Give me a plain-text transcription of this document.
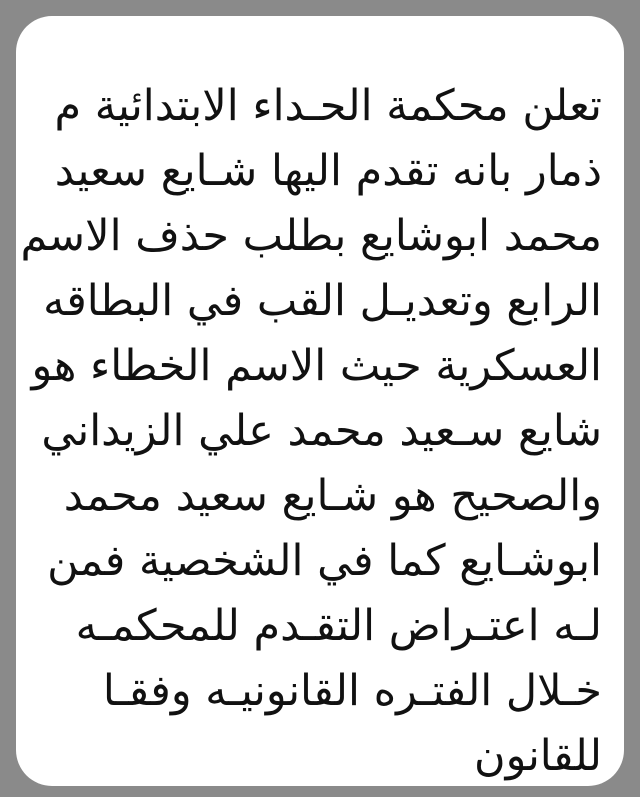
تعلن محكمة الحـداء الابتدائية م
ذمار بانه تقدم اليها شـايع سعيد
محمد ابوشايع بطلب حذف الاسم
الرابع وتعديـل القب في البطاقه
العسكرية حيث الاسم الخطاء هو
شايع سـعيد محمد علي الزيداني
والصحيح هو شـايع سعيد محمد
ابوشـايع كما في الشخصية فمن
لـه اعتـراض التقـدم للمحكمـه
خـلال الفتـره القانونيـه وفقـا
للقانون
